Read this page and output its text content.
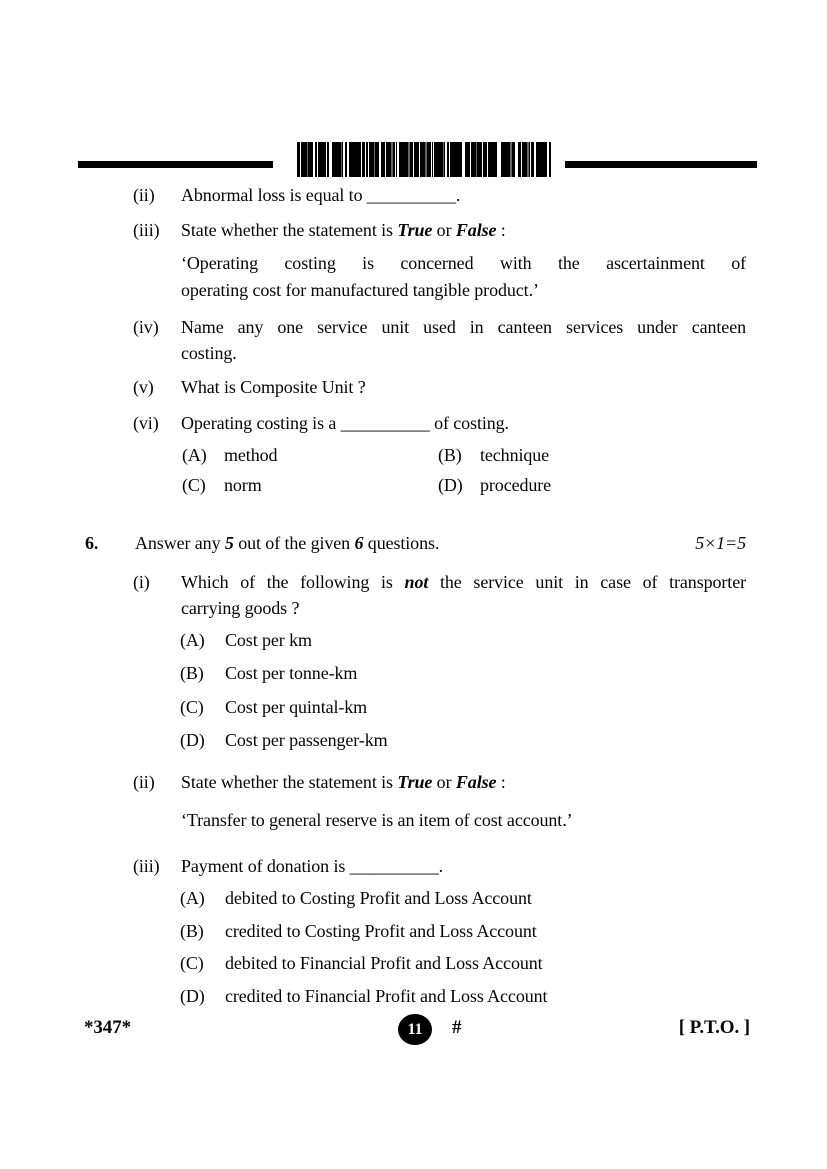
(ii)	Abnormal loss is equal to __________.
(iii)	State whether the statement is True or False :
‘Operating costing is concerned with the ascertainment of
operating cost for manufactured tangible product.’
(iv)	Name any one service unit used in canteen services under canteen
costing.
(v)	What is Composite Unit ?
(vi)	Operating costing is a __________ of costing.
(A) method	(B)	technique
(C)	norm	(D) procedure
6.	Answer any 5 out of the given 6 questions.	5×1=5
(i)	Which of the following is not the service unit in case of transporter
carrying goods ?
(A)	Cost per km
(B)	Cost per tonne-km
(C)	Cost per quintal-km
(D)	Cost per passenger-km
(ii)	State whether the statement is True or False :
‘Transfer to general reserve is an item of cost account.’
(iii)	Payment of donation is __________.
(A)	debited to Costing Profit and Loss Account
(B)	credited to Costing Profit and Loss Account
(C)	debited to Financial Profit and Loss Account
(D)	credited to Financial Profit and Loss Account
*347*	11 #	[ P.T.O. ]
